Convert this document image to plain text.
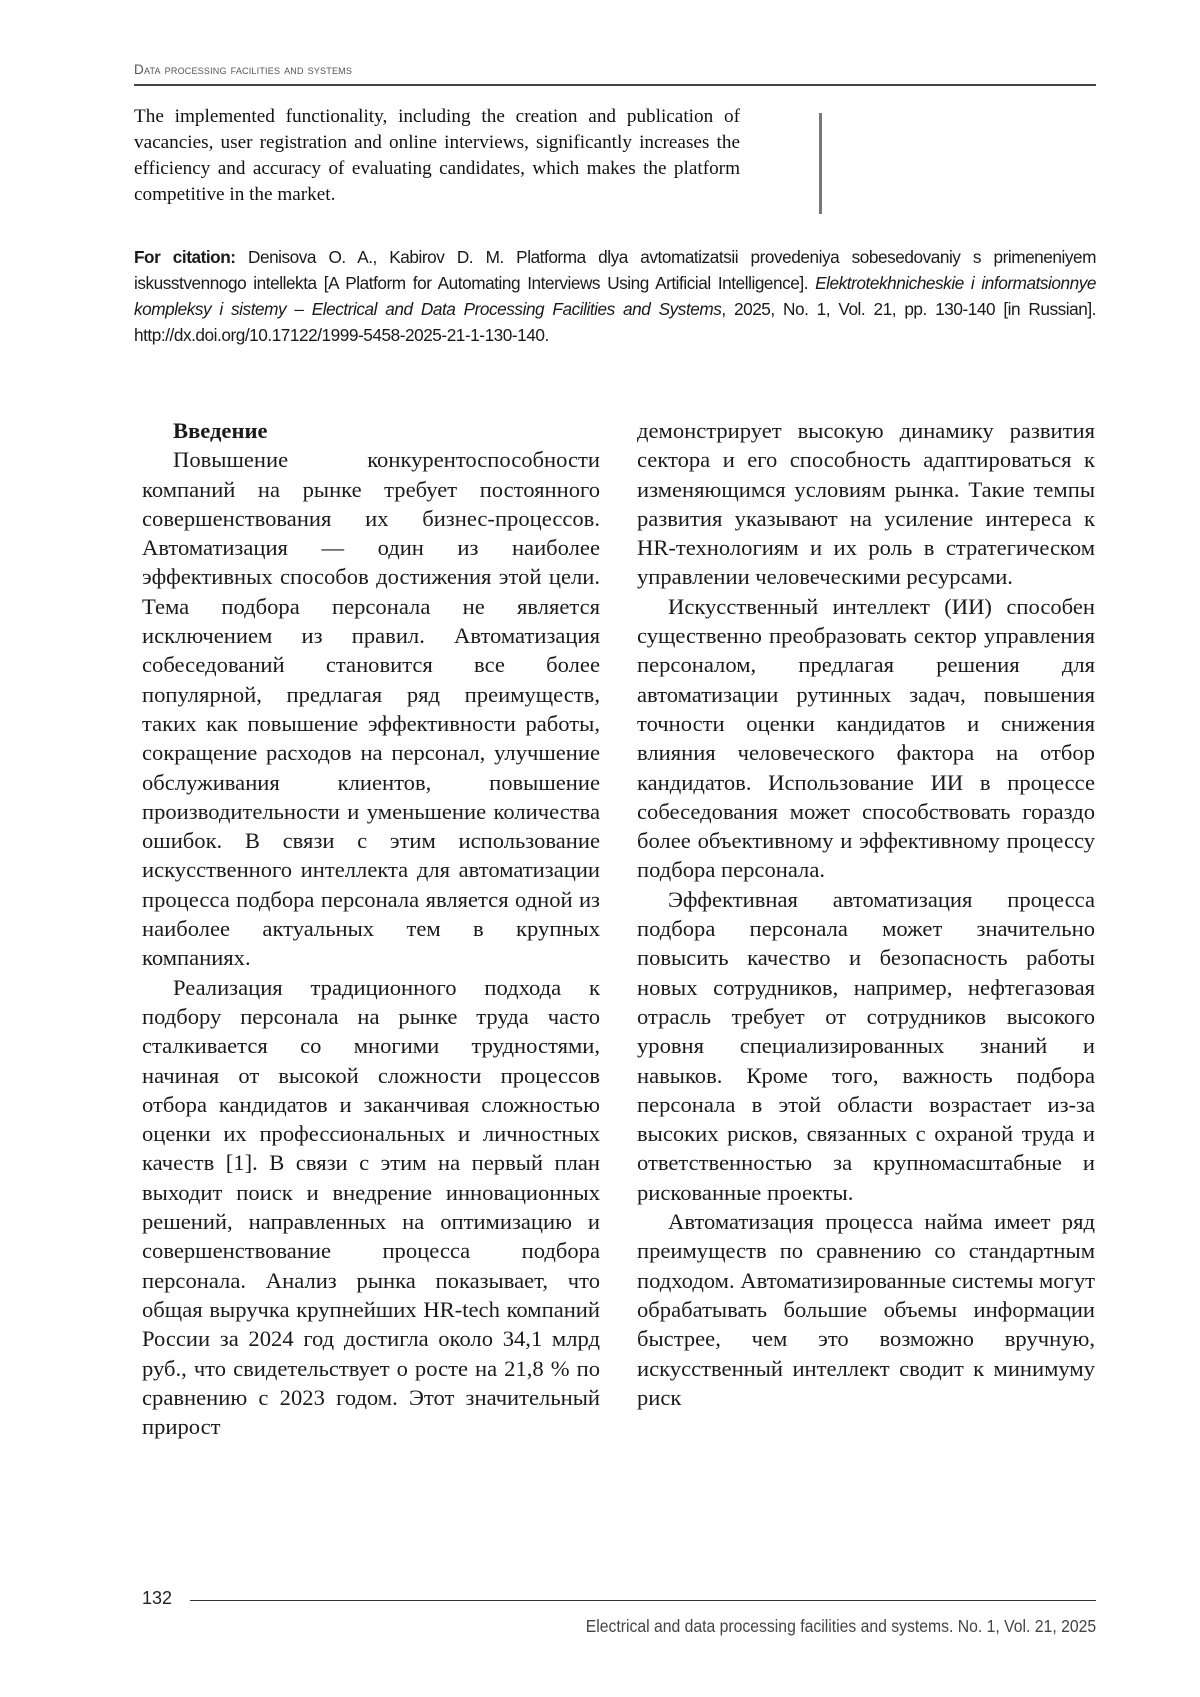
Data processing facilities and systems
The implemented functionality, including the creation and publication of vacancies, user registration and online interviews, significantly increases the efficiency and accuracy of evaluating candidates, which makes the platform competitive in the market.
For citation: Denisova O. A., Kabirov D. M. Platforma dlya avtomatizatsii provedeniya sobesedovaniy s primeneniyem iskusstvennogo intellekta [A Platform for Automating Interviews Using Artificial Intelligence]. Elektrotekhnicheskie i informatsionnye kompleksy i sistemy – Electrical and Data Processing Facilities and Systems, 2025, No. 1, Vol. 21, pp. 130-140 [in Russian]. http://dx.doi.org/10.17122/1999-5458-2025-21-1-130-140.
Введение

Повышение конкурентоспособности компаний на рынке требует постоянного совершенствования их бизнес-процессов. Автоматизация — один из наиболее эффективных способов достижения этой цели. Тема подбора персонала не является исключением из правил. Автоматизация собеседований становится все более популярной, предлагая ряд преимуществ, таких как повышение эффективности работы, сокращение расходов на персонал, улучшение обслуживания клиентов, повышение производительности и уменьшение количества ошибок. В связи с этим использование искусственного интеллекта для автоматизации процесса подбора персонала является одной из наиболее актуальных тем в крупных компаниях.

Реализация традиционного подхода к подбору персонала на рынке труда часто сталкивается со многими трудностями, начиная от высокой сложности процессов отбора кандидатов и заканчивая сложностью оценки их профессиональных и личностных качеств [1]. В связи с этим на первый план выходит поиск и внедрение инновационных решений, направленных на оптимизацию и совершенствование процесса подбора персонала. Анализ рынка показывает, что общая выручка крупнейших HR-tech компаний России за 2024 год достигла около 34,1 млрд руб., что свидетельствует о росте на 21,8 % по сравнению с 2023 годом. Этот значительный прирост

демонстрирует высокую динамику развития сектора и его способность адаптироваться к изменяющимся условиям рынка. Такие темпы развития указывают на усиление интереса к HR-технологиям и их роль в стратегическом управлении человеческими ресурсами.

Искусственный интеллект (ИИ) способен существенно преобразовать сектор управления персоналом, предлагая решения для автоматизации рутинных задач, повышения точности оценки кандидатов и снижения влияния человеческого фактора на отбор кандидатов. Использование ИИ в процессе собеседования может способствовать гораздо более объективному и эффективному процессу подбора персонала.

Эффективная автоматизация процесса подбора персонала может значительно повысить качество и безопасность работы новых сотрудников, например, нефтегазовая отрасль требует от сотрудников высокого уровня специализированных знаний и навыков. Кроме того, важность подбора персонала в этой области возрастает из-за высоких рисков, связанных с охраной труда и ответственностью за крупномасштабные и рискованные проекты.

Автоматизация процесса найма имеет ряд преимуществ по сравнению со стандартным подходом. Автоматизированные системы могут обрабатывать большие объемы информации быстрее, чем это возможно вручную, искусственный интеллект сводит к минимуму риск

132
Electrical and data processing facilities and systems. No. 1, Vol. 21, 2025
